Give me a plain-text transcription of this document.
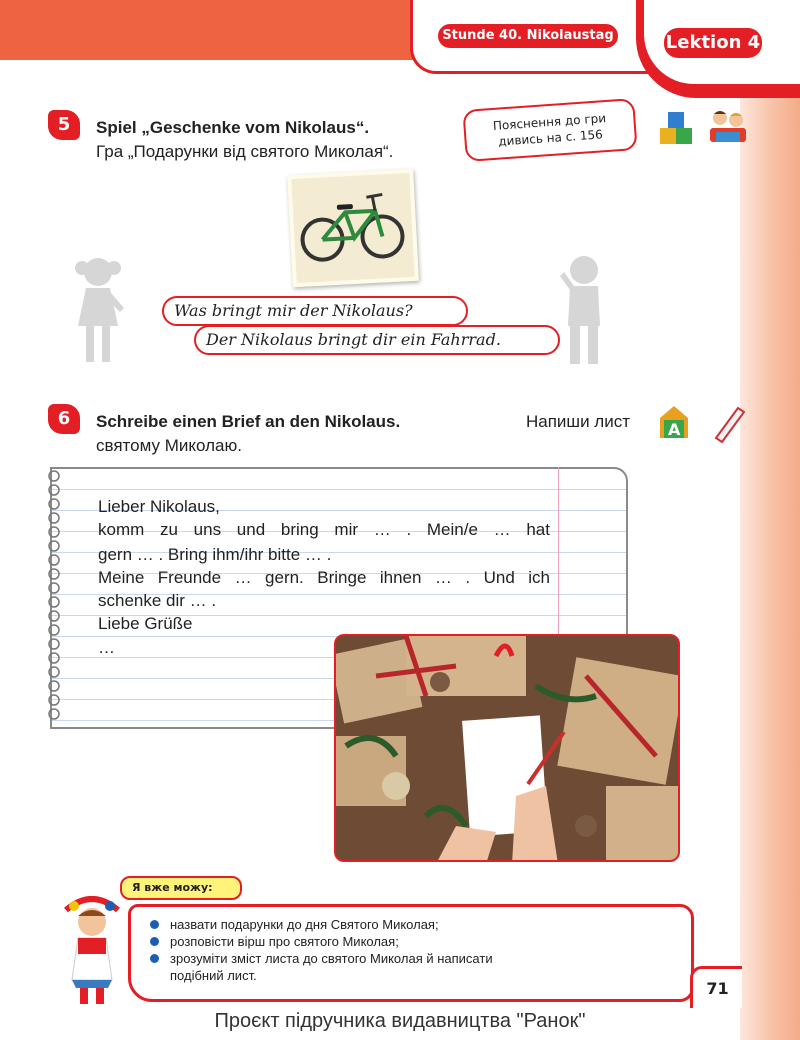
Stunde 40. Nikolaustag	Lektion 4
5	Spiel „Geschenke vom Nikolaus“.
Гра „Подарунки від святого Миколая“.
Пояснення до гри
дивись на с. 156
Was bringt mir der Nikolaus?
Der Nikolaus bringt dir ein Fahrrad.
6	Schreibe einen Brief an den Nikolaus.	Напиши лист

святому Миколаю.
A
Lieber Nikolaus,
komm zu uns und bring mir … . Mein/e … hat
gern … . Bring ihm/ihr bitte … .
Meine Freunde … gern. Bringe ihnen … . Und ich
schenke dir … .
Liebe Grüße
…
Я вже можу:
назвати подарунки до дня Святого Миколая;
розповісти вірш про святого Миколая;
зрозуміти зміст листа до святого Миколая й написати
подібний лист.
71
Проєкт підручника видавництва "Ранок"
